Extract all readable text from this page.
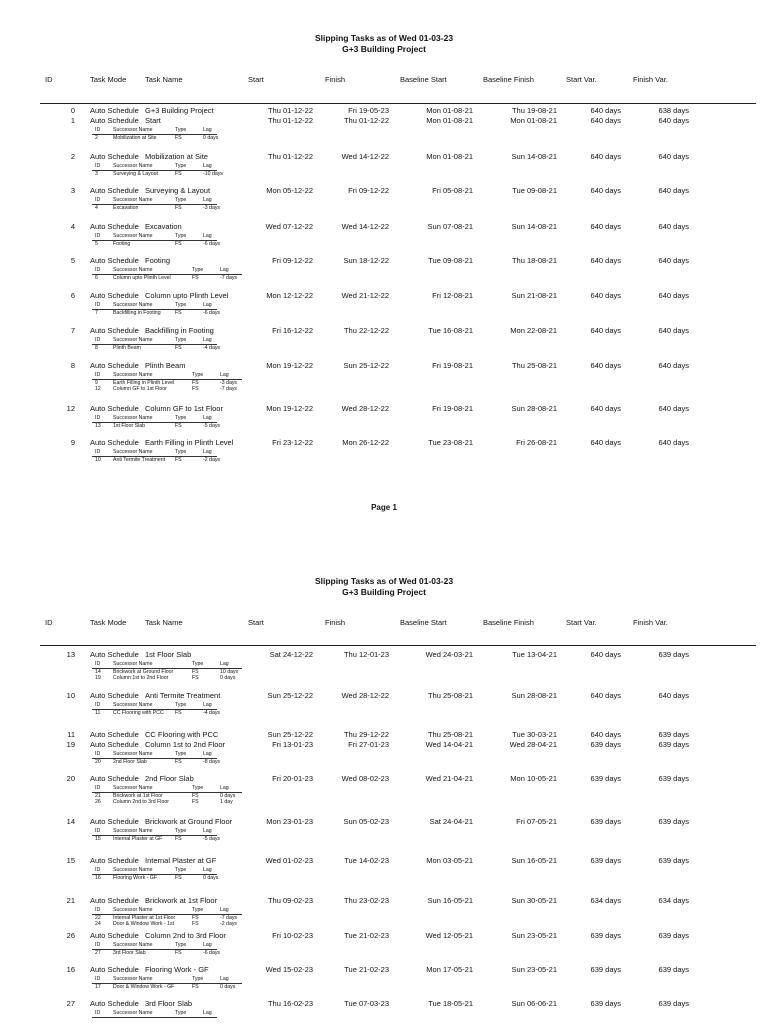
Slipping Tasks as of Wed 01-03-23
G+3 Building Project
ID	Task Mode Task Name	Start	Finish	Baseline Start	Baseline Finish	Start Var.	Finish Var.
0 Auto Schedule G+3 Building Project	Thu 01-12-22	Fri 19-05-23	Mon 01-08-21	Thu 19-08-21	640 days	638 days
1 Auto Schedule Start	Thu 01-12-22	Thu 01-12-22	Mon 01-08-21	Mon 01-08-21	640 days	640 days
ID Successor Name	Type	Lag
2	Mobilization at Site	FS	0 days
2 Auto Schedule Mobilization at Site	Thu 01-12-22	Wed 14-12-22	Mon 01-08-21	Sun 14-08-21	640 days	640 days
ID Successor Name	Type	Lag
3	Surveying & Layout	FS	-10 days
3 Auto Schedule Surveying & Layout	Mon 05-12-22	Fri 09-12-22	Fri 05-08-21	Tue 09-08-21	640 days	640 days
ID Successor Name	Type	Lag
4	Excavation	FS	-3 days
4 Auto Schedule Excavation	Wed 07-12-22	Wed 14-12-22	Sun 07-08-21	Sun 14-08-21	640 days	640 days
ID Successor Name	Type	Lag
5	Footing	FS	-6 days
5 Auto Schedule Footing	Fri 09-12-22	Sun 18-12-22	Tue 09-08-21	Thu 18-08-21	640 days	640 days
ID Successor Name	Type	Lag
6	Column upto Plinth Level	FS	-7 days
6 Auto Schedule Column upto Plinth Level	Mon 12-12-22	Wed 21-12-22	Fri 12-08-21	Sun 21-08-21	640 days	640 days
ID Successor Name	Type	Lag
7	Backfilling in Footing	FS	-6 days
7 Auto Schedule Backfilling in Footing	Fri 16-12-22	Thu 22-12-22	Tue 16-08-21	Mon 22-08-21	640 days	640 days
ID Successor Name	Type	Lag
8	Plinth Beam	FS	-4 days
8 Auto Schedule Plinth Beam	Mon 19-12-22	Sun 25-12-22	Fri 19-08-21	Thu 25-08-21	640 days	640 days
ID Successor Name	Type	Lag
9	Earth Filling in Plinth Level	FS	-3 days
12 Column GF to 1st Floor	FS	-7 days
12 Auto Schedule Column GF to 1st Floor	Mon 19-12-22	Wed 28-12-22	Fri 19-08-21	Sun 28-08-21	640 days	640 days
ID Successor Name	Type	Lag
13 1st Floor Slab	FS	-5 days
9 Auto Schedule Earth Filling in Plinth Level	Fri 23-12-22	Mon 26-12-22	Tue 23-08-21	Fri 26-08-21	640 days	640 days
ID Successor Name	Type	Lag
10 Anti Termite Treatment FS	-2 days
Page 1
Slipping Tasks as of Wed 01-03-23
G+3 Building Project
ID	Task Mode Task Name	Start	Finish	Baseline Start	Baseline Finish	Start Var.	Finish Var.
13 Auto Schedule 1st Floor Slab	Sat 24-12-22	Thu 12-01-23	Wed 24-03-21	Tue 13-04-21	640 days	639 days
ID Successor Name	Type	Lag
14 Brickwork at Ground Floor	FS	10 days
19 Column 1st to 2nd Floor	FS	0 days
10 Auto Schedule Anti Termite Treatment	Sun 25-12-22	Wed 28-12-22	Thu 25-08-21	Sun 28-08-21	640 days	640 days
ID Successor Name	Type	Lag
11 CC Flooring with PCC FS	-4 days
11 Auto Schedule CC Flooring with PCC	Sun 25-12-22	Thu 29-12-22	Thu 25-08-21	Tue 30-03-21	640 days	639 days
19 Auto Schedule Column 1st to 2nd Floor	Fri 13-01-23	Fri 27-01-23	Wed 14-04-21	Wed 28-04-21	639 days	639 days
ID Successor Name	Type	Lag
20 2nd Floor Slab	FS	-8 days
20 Auto Schedule 2nd Floor Slab	Fri 20-01-23	Wed 08-02-23	Wed 21-04-21	Mon 10-05-21	639 days	639 days
ID Successor Name	Type	Lag
21 Brickwork at 1st Floor	FS	0 days
26 Column 2nd to 3rd Floor	FS	1 day
14 Auto Schedule Brickwork at Ground Floor	Mon 23-01-23	Sun 05-02-23	Sat 24-04-21	Fri 07-05-21	639 days	639 days
ID Successor Name	Type	Lag
15 Internal Plaster at GF FS	-5 days
15 Auto Schedule Internal Plaster at GF	Wed 01-02-23	Tue 14-02-23	Mon 03-05-21	Sun 16-05-21	639 days	639 days
ID Successor Name	Type	Lag
16 Flooring Work - GF	FS	0 days
21 Auto Schedule Brickwork at 1st Floor	Thu 09-02-23	Thu 23-02-23	Sun 16-05-21	Sun 30-05-21	634 days	634 days
ID Successor Name	Type	Lag
22 Internal Plaster at 1st Floor	FS	-7 days
24 Door & Window Work - 1st	FS	-2 days
26 Auto Schedule Column 2nd to 3rd Floor	Fri 10-02-23	Tue 21-02-23	Wed 12-05-21	Sun 23-05-21	639 days	639 days
ID Successor Name	Type	Lag
27 3rd Floor Slab	FS	-6 days
16 Auto Schedule Flooring Work - GF	Wed 15-02-23	Tue 21-02-23	Mon 17-05-21	Sun 23-05-21	639 days	639 days
ID Successor Name	Type	Lag
17 Door & Window Work - GF	FS	0 days
27 Auto Schedule 3rd Floor Slab	Thu 16-02-23	Tue 07-03-23	Tue 18-05-21	Sun 06-06-21	639 days	639 days
ID Successor Name	Type	Lag
